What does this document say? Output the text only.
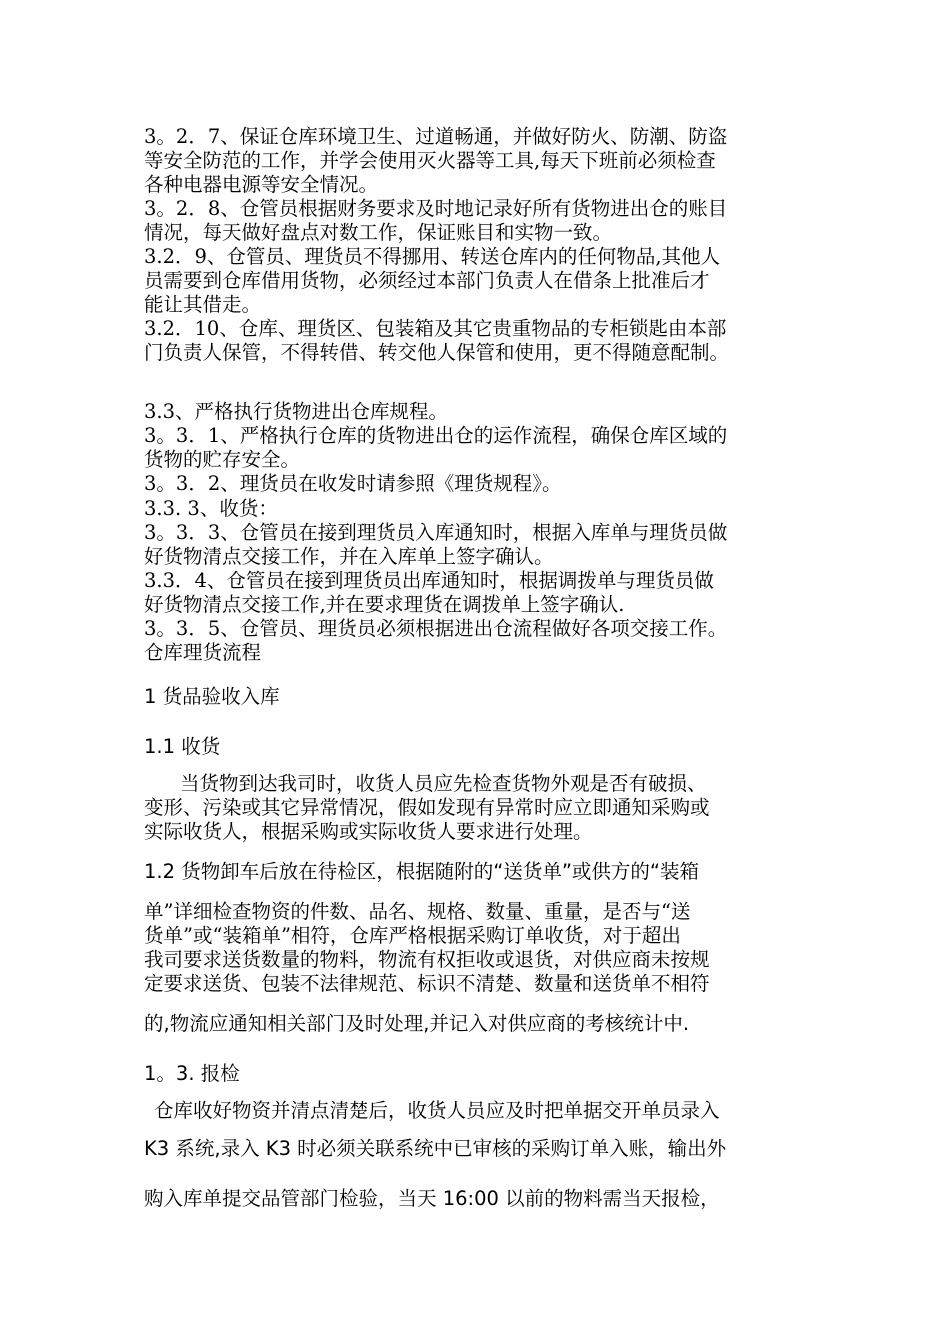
3。2．7、保证仓库环境卫生、过道畅通，并做好防火、防潮、防盗
等安全防范的工作，并学会使用灭火器等工具,每天下班前必须检查
各种电器电源等安全情况。
3。2．8、仓管员根据财务要求及时地记录好所有货物进出仓的账目
情况，每天做好盘点对数工作，保证账目和实物一致。
3.2．9、仓管员、理货员不得挪用、转送仓库内的任何物品,其他人
员需要到仓库借用货物，必须经过本部门负责人在借条上批准后才
能让其借走。
3.2．10、仓库、理货区、包装箱及其它贵重物品的专柜锁匙由本部
门负责人保管，不得转借、转交他人保管和使用，更不得随意配制。
3.3、严格执行货物进出仓库规程。
3。3．1、严格执行仓库的货物进出仓的运作流程，确保仓库区域的
货物的贮存安全。
3。3．2、理货员在收发时请参照《理货规程》。
3.3. 3、收货：
3。3．3、仓管员在接到理货员入库通知时，根据入库单与理货员做
好货物清点交接工作，并在入库单上签字确认。
3.3．4、仓管员在接到理货员出库通知时，根据调拨单与理货员做
好货物清点交接工作,并在要求理货在调拨单上签字确认.
3。3．5、仓管员、理货员必须根据进出仓流程做好各项交接工作。
仓库理货流程
1 货品验收入库
1.1 收货
当货物到达我司时，收货人员应先检查货物外观是否有破损、
变形、污染或其它异常情况，假如发现有异常时应立即通知采购或
实际收货人，根据采购或实际收货人要求进行处理。
1.2 货物卸车后放在待检区，根据随附的“送货单”或供方的“装箱
单”详细检查物资的件数、品名、规格、数量、重量，是否与“送
货单”或“装箱单”相符，仓库严格根据采购订单收货，对于超出
我司要求送货数量的物料，物流有权拒收或退货，对供应商未按规
定要求送货、包装不法律规范、标识不清楚、数量和送货单不相符
的,物流应通知相关部门及时处理,并记入对供应商的考核统计中.
1。3. 报检
仓库收好物资并清点清楚后，收货人员应及时把单据交开单员录入
K3 系统,录入 K3 时必须关联系统中已审核的采购订单入账，输出外
购入库单提交品管部门检验，当天 16:00 以前的物料需当天报检，
